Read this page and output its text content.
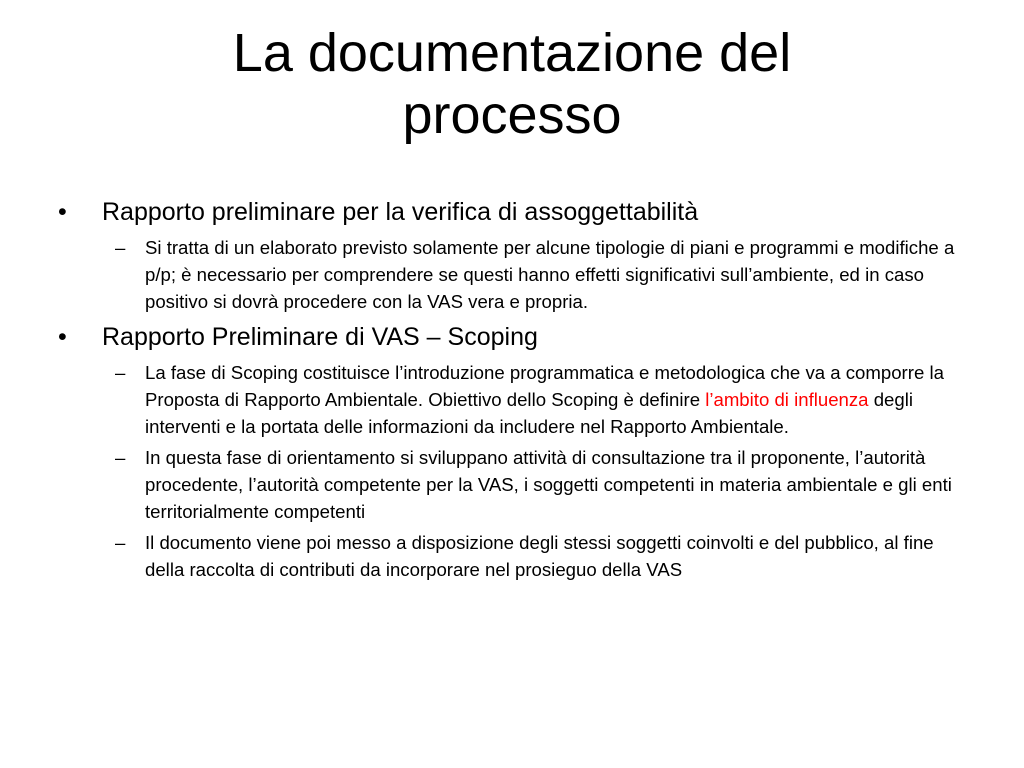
La documentazione del
processo
•	Rapporto preliminare per la verifica di assoggettabilità
– Si tratta di un elaborato previsto solamente per alcune tipologie di piani e programmi e modifiche a p/p; è necessario per comprendere se questi hanno effetti significativi sull’ambiente, ed in caso positivo si dovrà procedere con la VAS vera e propria.
•	Rapporto Preliminare di VAS – Scoping
– La fase di Scoping costituisce l’introduzione programmatica e metodologica che va a comporre la Proposta di Rapporto Ambientale. Obiettivo dello Scoping è definire l’ambito di influenza degli interventi e la portata delle informazioni da includere nel Rapporto Ambientale.
– In questa fase di orientamento si sviluppano attività di consultazione tra il proponente, l’autorità procedente, l’autorità competente per la VAS, i soggetti competenti in materia ambientale e gli enti territorialmente competenti
– Il documento viene poi messo a disposizione degli stessi soggetti coinvolti e del pubblico, al fine della raccolta di contributi da incorporare nel prosieguo della VAS
